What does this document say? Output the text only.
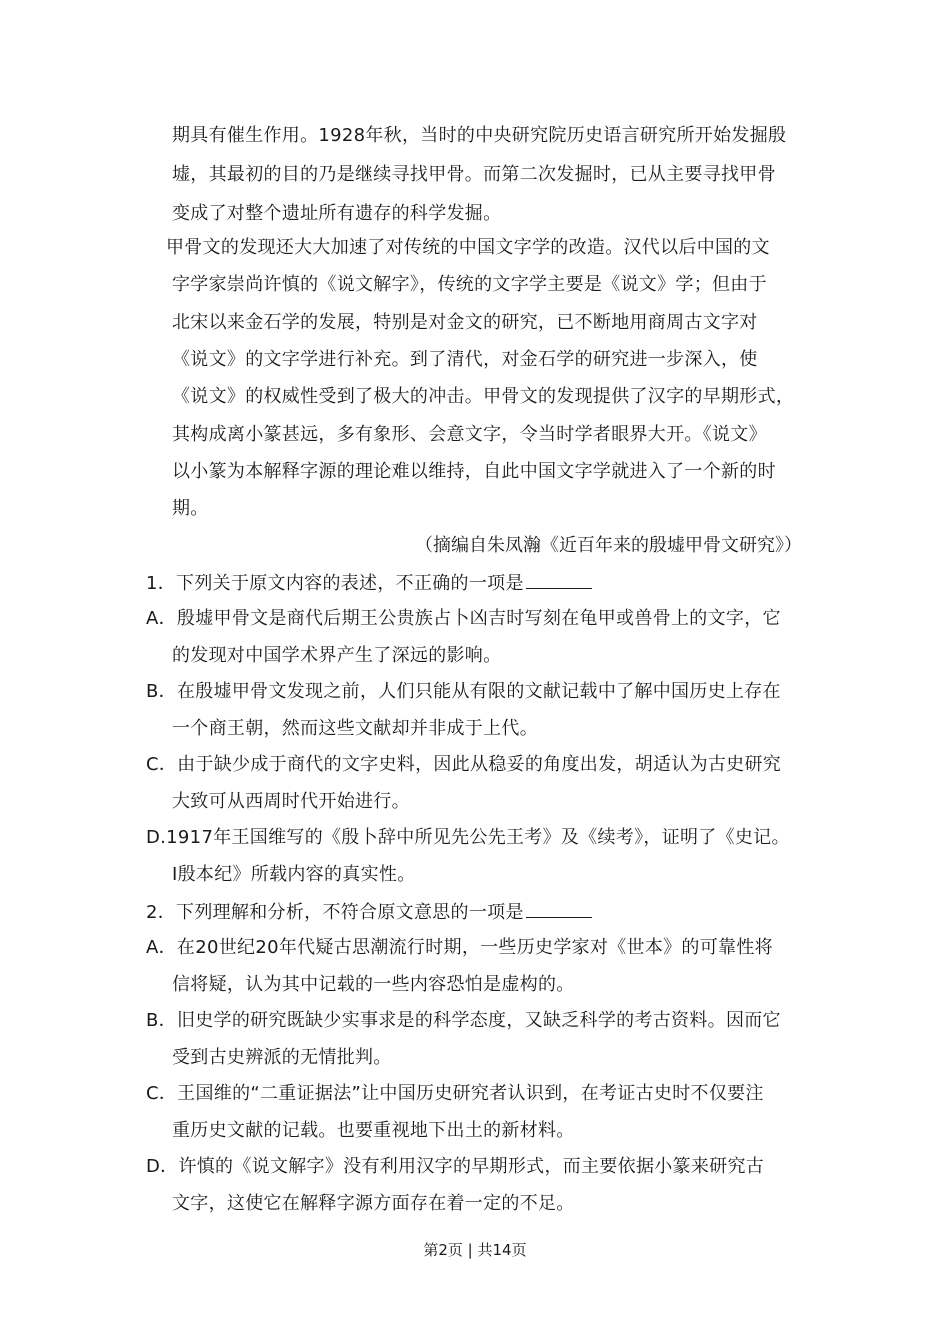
期具有催生作用。1928年秋，当时的中央研究院历史语言研究所开始发掘殷
墟，其最初的目的乃是继续寻找甲骨。而第二次发掘时，已从主要寻找甲骨
变成了对整个遗址所有遗存的科学发掘。
甲骨文的发现还大大加速了对传统的中国文字学的改造。汉代以后中国的文
字学家崇尚许慎的《说文解字》，传统的文字学主要是《说文》学；但由于
北宋以来金石学的发展，特别是对金文的研究，已不断地用商周古文字对
《说文》的文字学进行补充。到了清代，对金石学的研究进一步深入，使
《说文》的权威性受到了极大的冲击。甲骨文的发现提供了汉字的早期形式，
其构成离小篆甚远，多有象形、会意文字，令当时学者眼界大开。《说文》
以小篆为本解释字源的理论难以维持，自此中国文字学就进入了一个新的时
期。
（摘编自朱凤瀚《近百年来的殷墟甲骨文研究》）
1．下列关于原文内容的表述，不正确的一项是
A．殷墟甲骨文是商代后期王公贵族占卜凶吉时写刻在龟甲或兽骨上的文字，它
的发现对中国学术界产生了深远的影响。
B．在殷墟甲骨文发现之前，人们只能从有限的文献记载中了解中国历史上存在
一个商王朝，然而这些文献却并非成于上代。
C．由于缺少成于商代的文字史料，因此从稳妥的角度出发，胡适认为古史研究
大致可从西周时代开始进行。
D.1917年王国维写的《殷卜辞中所见先公先王考》及《续考》，证明了《史记。
I殷本纪》所载内容的真实性。
2．下列理解和分析，不符合原文意思的一项是
A．在20世纪20年代疑古思潮流行时期，一些历史学家对《世本》的可靠性将
信将疑，认为其中记载的一些内容恐怕是虚构的。
B．旧史学的研究既缺少实事求是的科学态度，又缺乏科学的考古资料。因而它
受到古史辨派的无情批判。
C．王国维的“二重证据法”让中国历史研究者认识到，在考证古史时不仅要注
重历史文献的记载。也要重视地下出土的新材料。
D．许慎的《说文解字》没有利用汉字的早期形式，而主要依据小篆来研究古
文字，这使它在解释字源方面存在着一定的不足。
第2页 | 共14页
